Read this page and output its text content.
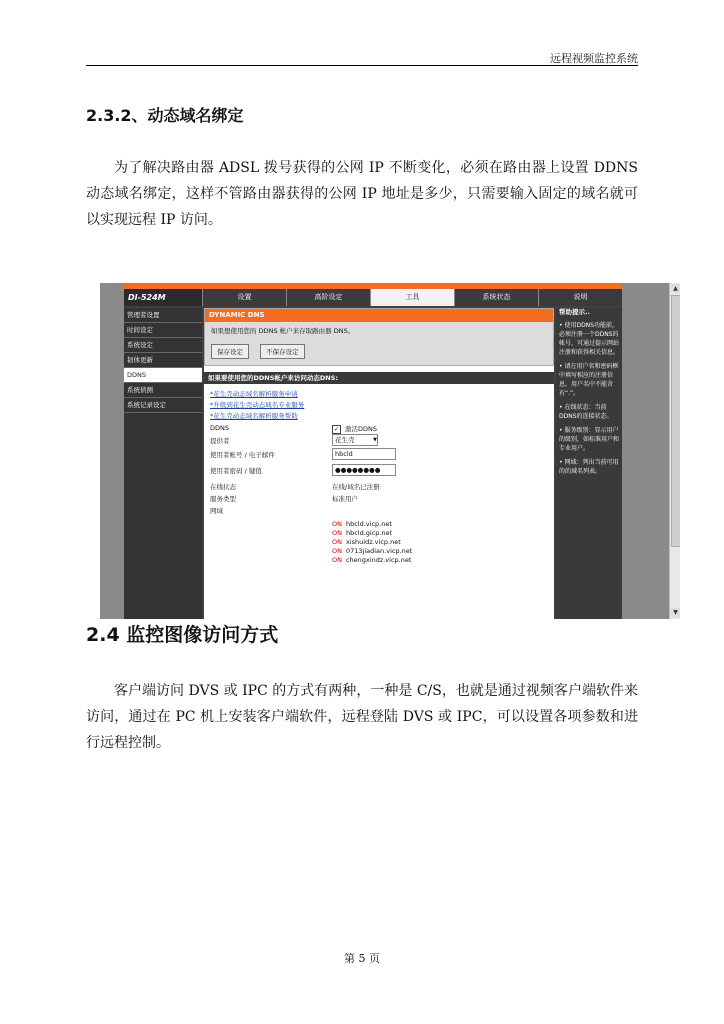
远程视频监控系统
2.3.2、动态域名绑定

为了解决路由器 ADSL 拨号获得的公网 IP 不断变化，必须在路由器上设置 DDNS 动态域名绑定，这样不管路由器获得的公网 IP 地址是多少，只需要输入固定的域名就可以实现远程 IP 访问。

▲
▼
DI-524M	设置	高阶设定	工具	系统状态	说明
管理者设置
时间设定
系统设定
韧体更新
DDNS
系统侦测
系统记录设定
DYNAMIC DNS
如果想使用您的 DDNS 帐户来存取路由器 DNS。
保存设定	不保存设定
如果要使用您的DDNS帐户来访问动态DNS:
*花生壳动态域名解析服务申请
*升级到花生壳动态域名专业服务
*花生壳动态域名解析服务帮助
DDNS	✓ 激活DDNS
提供者	花生壳	▼
使用者帐号 / 电子邮件	hbcld
使用者密码 / 键值	●●●●●●●●
在线状态	在线/域名已注册
服务类型	标准用户
网域
ON hbcld.vicp.net
ON hbcld.gicp.net
ON xishuidz.vicp.net
ON 0713jiadian.vicp.net
ON chengxindz.vicp.net
帮助提示..

• 使用DDNS功能前，必须注册一个DDNS的帐号，可通过提示网站注册和获得相关信息。

• 请在用户名和密码框中填写相应的注册信息，用户名中不能含有“.”。

• 在线状态：当前DDNS的连接状态。

• 服务级别：显示用户的级别，如标准用户和专业用户。

• 网域：列出当前可用的的域名列表。

2.4 监控图像访问方式

客户端访问 DVS 或 IPC 的方式有两种，一种是 C/S，也就是通过视频客户端软件来访问，通过在 PC 机上安装客户端软件，远程登陆 DVS 或 IPC，可以设置各项参数和进行远程控制。

第 5 页
